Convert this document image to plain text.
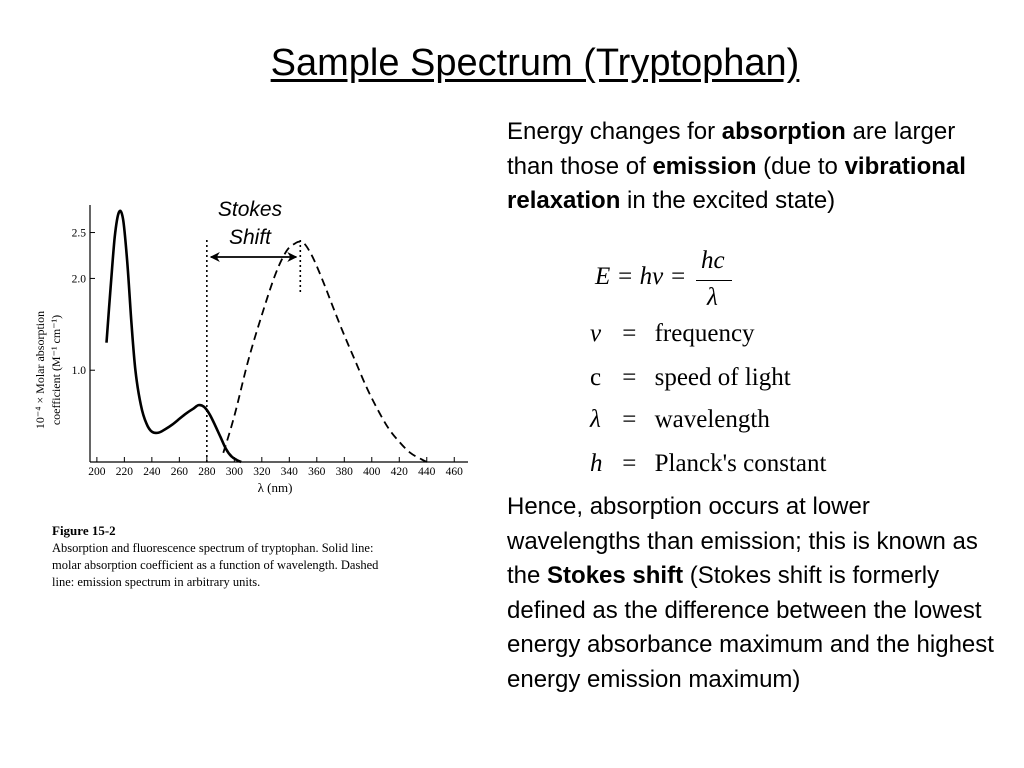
Sample Spectrum (Tryptophan)
200 220 240 260 280 300 320 340 360 380 400 420 440 460
1.0
2.0
2.5
λ (nm)
10⁻⁴ × Molar absorption coefficient (M⁻¹ cm⁻¹)
Figure 15-2
Absorption and fluorescence spectrum of tryptophan. Solid line:
molar absorption coefficient as a function of wavelength. Dashed
line: emission spectrum in arbitrary units.
Stokes
Shift
Energy changes for absorption are larger than those of emission (due to vibrational relaxation in the excited state)
E = hv =
hc
λ
v = frequency
c = speed of light
λ = wavelength
h = Planck's constant
Hence, absorption occurs at lower wavelengths than emission; this is known as the Stokes shift (Stokes shift is formerly defined as the difference between the lowest energy absorbance maximum and the highest energy emission maximum)
